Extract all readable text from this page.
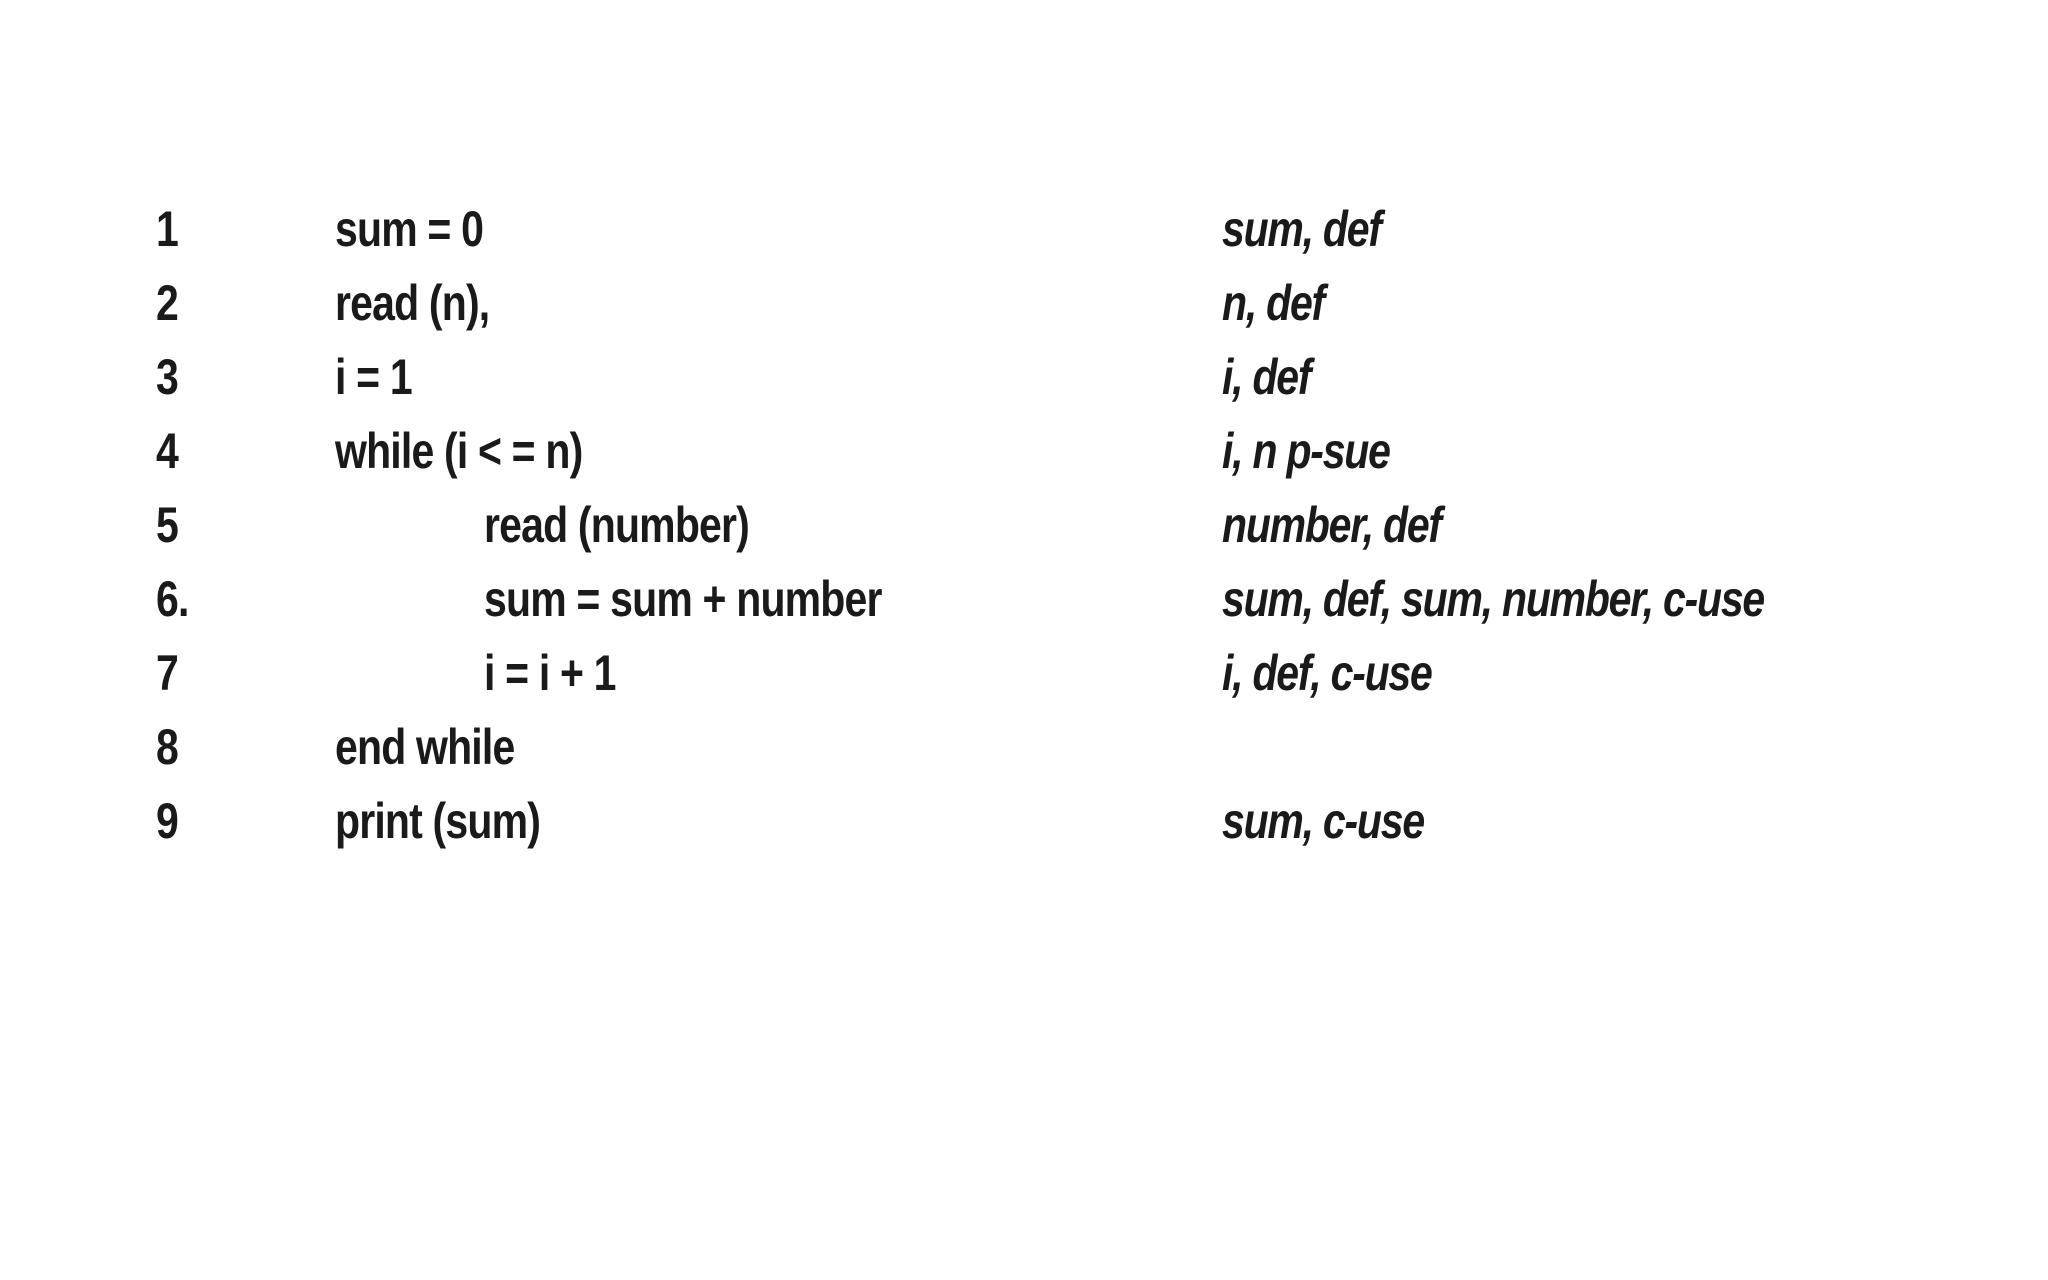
1	sum = 0	sum, def
2	read (n),	n, def
3	i = 1	i, def
4	while (i < = n)	i, n p-sue
5	read (number)	number, def
6.	sum = sum + number	sum, def, sum, number, c-use
7	i = i + 1	i, def, c-use
8	end while
9	print (sum)	sum, c-use
